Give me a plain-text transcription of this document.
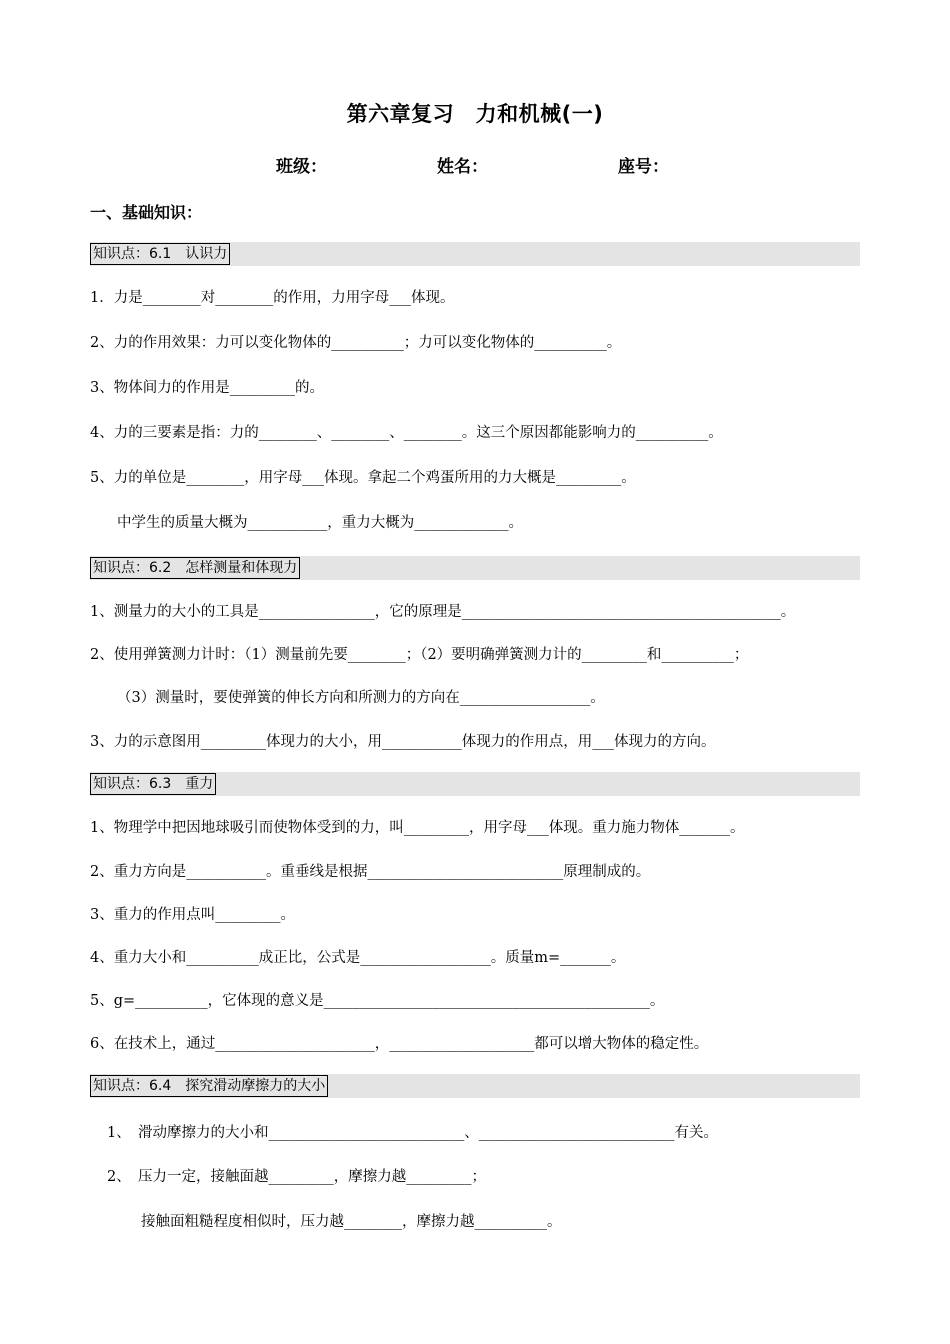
第六章复习　力和机械(一)
班级：	姓名：	座号：
一、基础知识：
知识点：6.1　认识力
1．力是________对________的作用，力用字母___体现。
2、力的作用效果：力可以变化物体的__________；力可以变化物体的__________。
3、物体间力的作用是_________的。
4、力的三要素是指：力的________、________、________。这三个原因都能影响力的__________。
5、力的单位是________，用字母___体现。拿起二个鸡蛋所用的力大概是_________。
中学生的质量大概为___________，重力大概为_____________。
知识点：6.2　怎样测量和体现力
1、测量力的大小的工具是________________，它的原理是____________________________________________。
2、使用弹簧测力计时：（1）测量前先要________；（2）要明确弹簧测力计的_________和__________；
（3）测量时，要使弹簧的伸长方向和所测力的方向在__________________。
3、力的示意图用_________体现力的大小，用___________体现力的作用点，用___体现力的方向。
知识点：6.3　重力
1、物理学中把因地球吸引而使物体受到的力，叫_________，用字母___体现。重力施力物体_______。
2、重力方向是___________。重垂线是根据___________________________原理制成的。
3、重力的作用点叫_________。
4、重力大小和__________成正比，公式是__________________。质量m=_______。
5、g=__________，它体现的意义是_____________________________________________。
6、在技术上，通过______________________，____________________都可以增大物体的稳定性。
知识点：6.4　探究滑动摩擦力的大小
1、　滑动摩擦力的大小和___________________________、___________________________有关。
2、　压力一定，接触面越_________，摩擦力越_________；
接触面粗糙程度相似时，压力越________，摩擦力越__________。
